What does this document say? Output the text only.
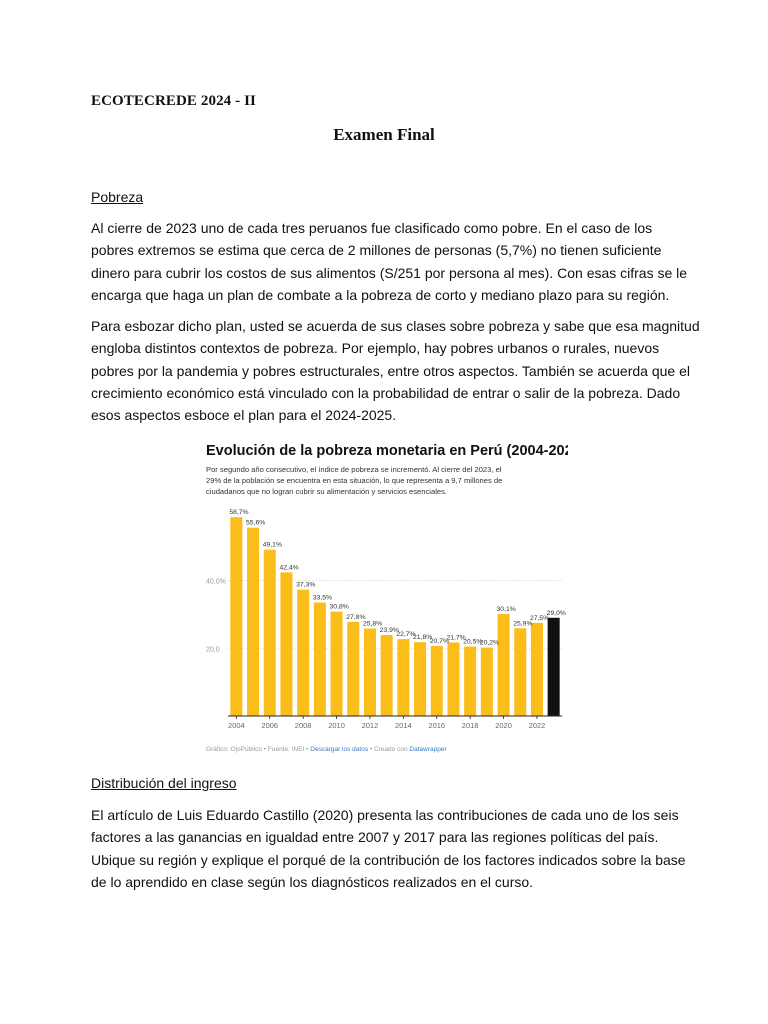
ECOTECREDE 2024 - II
Examen Final
Pobreza

Al cierre de 2023 uno de cada tres peruanos fue clasificado como pobre. En el caso de los
pobres extremos se estima que cerca de 2 millones de personas (5,7%) no tienen suficiente
dinero para cubrir los costos de sus alimentos (S/251 por persona al mes). Con esas cifras se le
encarga que haga un plan de combate a la pobreza de corto y mediano plazo para su región.

Para esbozar dicho plan, usted se acuerda de sus clases sobre pobreza y sabe que esa magnitud
engloba distintos contextos de pobreza. Por ejemplo, hay pobres urbanos o rurales, nuevos
pobres por la pandemia y pobres estructurales, entre otros aspectos. También se acuerda que el
crecimiento económico está vinculado con la probabilidad de entrar o salir de la pobreza. Dado
esos aspectos esboce el plan para el 2024-2025.

Evolución de la pobreza monetaria en Perú (2004-2023)
Por segundo año consecutivo, el índice de pobreza se incrementó. Al cierre del 2023, el
29% de la población se encuentra en esta situación, lo que representa a 9,7 millones de
ciudadanos que no logran cubrir su alimentación y servicios esenciales.
20,0
40,0%
58,7%
55,6%
49,1%
42,4%
37,3%
33,5%
30,8%
27,8%
25,8%
23,9%
22,7%
21,8%
20,7%
21,7%
20,5%
20,2%
30,1%
25,9%
27,5%
29,0%
2004 2006 2008 2010 2012 2014 2016 2018 2020 2022
Gráfico: OjoPúblico • Fuente: INEI • Descargar los datos • Creado con Datawrapper
Distribución del ingreso

El artículo de Luis Eduardo Castillo (2020) presenta las contribuciones de cada uno de los seis
factores a las ganancias en igualdad entre 2007 y 2017 para las regiones políticas del país.
Ubique su región y explique el porqué de la contribución de los factores indicados sobre la base
de lo aprendido en clase según los diagnósticos realizados en el curso.
